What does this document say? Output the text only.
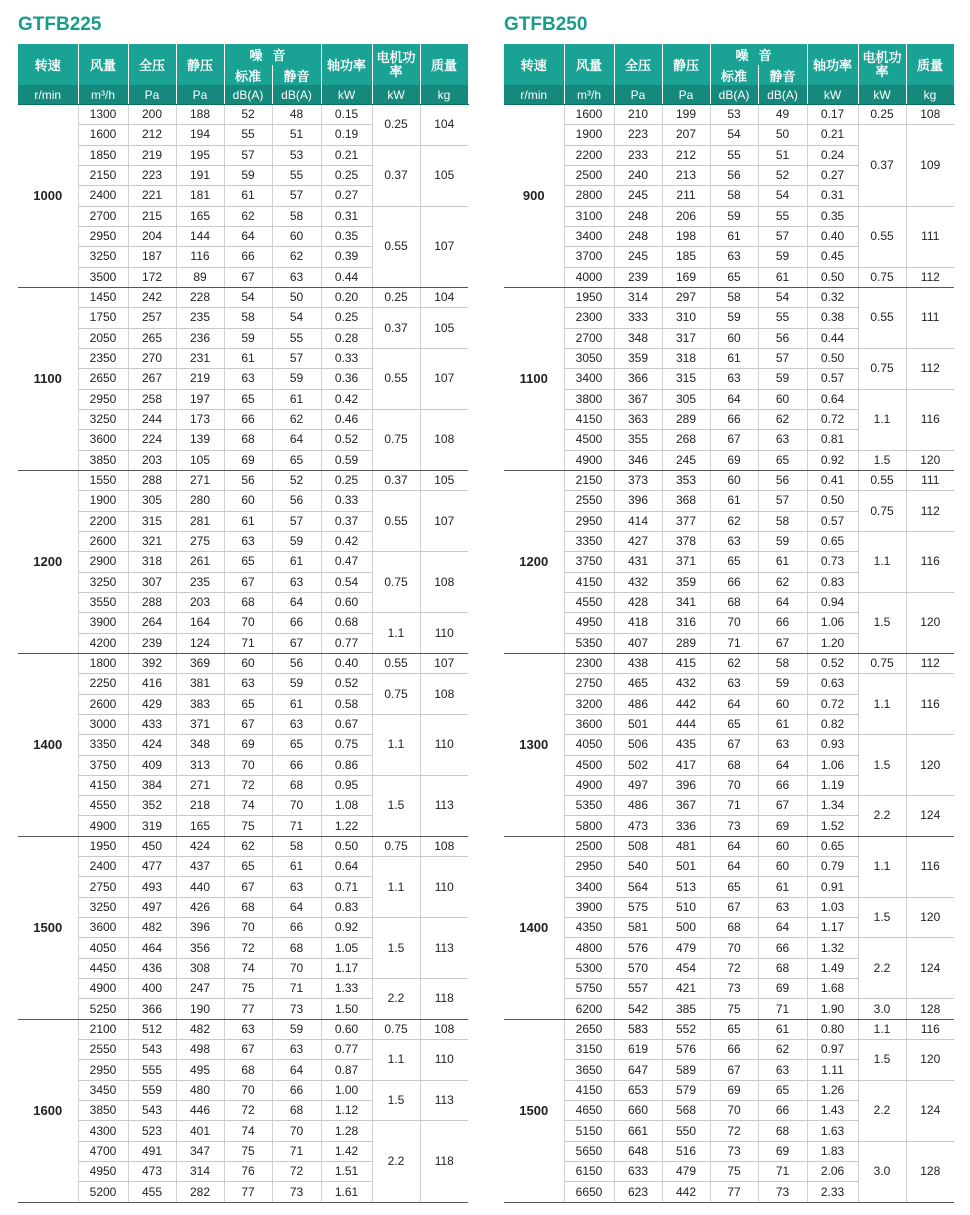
GTFB225
转速	风量	全压	静压	噪音		轴功率	电机功率	质量
				标准	静音			
r/min	m³/h	Pa	Pa	dB(A)	dB(A)	kW	kW	kg
1000	1300	200	188	52	48	0.15	0.25	104
	1600	212	194	55	51	0.19		
	1850	219	195	57	53	0.21	0.37	105
	2150	223	191	59	55	0.25		
	2400	221	181	61	57	0.27		
	2700	215	165	62	58	0.31	0.55	107
	2950	204	144	64	60	0.35		
	3250	187	116	66	62	0.39		
	3500	172	89	67	63	0.44		
1100	1450	242	228	54	50	0.20	0.25	104
	1750	257	235	58	54	0.25	0.37	105
	2050	265	236	59	55	0.28		
	2350	270	231	61	57	0.33	0.55	107
	2650	267	219	63	59	0.36		
	2950	258	197	65	61	0.42		
	3250	244	173	66	62	0.46	0.75	108
	3600	224	139	68	64	0.52		
	3850	203	105	69	65	0.59		
1200	1550	288	271	56	52	0.25	0.37	105
	1900	305	280	60	56	0.33	0.55	107
	2200	315	281	61	57	0.37		
	2600	321	275	63	59	0.42		
	2900	318	261	65	61	0.47	0.75	108
	3250	307	235	67	63	0.54		
	3550	288	203	68	64	0.60		
	3900	264	164	70	66	0.68	1.1	110
	4200	239	124	71	67	0.77		
1400	1800	392	369	60	56	0.40	0.55	107
	2250	416	381	63	59	0.52	0.75	108
	2600	429	383	65	61	0.58		
	3000	433	371	67	63	0.67	1.1	110
	3350	424	348	69	65	0.75		
	3750	409	313	70	66	0.86		
	4150	384	271	72	68	0.95	1.5	113
	4550	352	218	74	70	1.08		
	4900	319	165	75	71	1.22		
1500	1950	450	424	62	58	0.50	0.75	108
	2400	477	437	65	61	0.64	1.1	110
	2750	493	440	67	63	0.71		
	3250	497	426	68	64	0.83		
	3600	482	396	70	66	0.92	1.5	113
	4050	464	356	72	68	1.05		
	4450	436	308	74	70	1.17		
	4900	400	247	75	71	1.33	2.2	118
	5250	366	190	77	73	1.50		
1600	2100	512	482	63	59	0.60	0.75	108
	2550	543	498	67	63	0.77	1.1	110
	2950	555	495	68	64	0.87		
	3450	559	480	70	66	1.00	1.5	113
	3850	543	446	72	68	1.12		
	4300	523	401	74	70	1.28	2.2	118
	4700	491	347	75	71	1.42		
	4950	473	314	76	72	1.51		
	5200	455	282	77	73	1.61		
GTFB250
转速	风量	全压	静压	噪音		轴功率	电机功率	质量
				标准	静音			
r/min	m³/h	Pa	Pa	dB(A)	dB(A)	kW	kW	kg
900	1600	210	199	53	49	0.17	0.25	108
	1900	223	207	54	50	0.21	0.37	109
	2200	233	212	55	51	0.24		
	2500	240	213	56	52	0.27		
	2800	245	211	58	54	0.31		
	3100	248	206	59	55	0.35	0.55	111
	3400	248	198	61	57	0.40		
	3700	245	185	63	59	0.45		
	4000	239	169	65	61	0.50	0.75	112
1100	1950	314	297	58	54	0.32	0.55	111
	2300	333	310	59	55	0.38		
	2700	348	317	60	56	0.44		
	3050	359	318	61	57	0.50	0.75	112
	3400	366	315	63	59	0.57		
	3800	367	305	64	60	0.64	1.1	116
	4150	363	289	66	62	0.72		
	4500	355	268	67	63	0.81		
	4900	346	245	69	65	0.92	1.5	120
1200	2150	373	353	60	56	0.41	0.55	111
	2550	396	368	61	57	0.50	0.75	112
	2950	414	377	62	58	0.57		
	3350	427	378	63	59	0.65	1.1	116
	3750	431	371	65	61	0.73		
	4150	432	359	66	62	0.83		
	4550	428	341	68	64	0.94	1.5	120
	4950	418	316	70	66	1.06		
	5350	407	289	71	67	1.20		
1300	2300	438	415	62	58	0.52	0.75	112
	2750	465	432	63	59	0.63	1.1	116
	3200	486	442	64	60	0.72		
	3600	501	444	65	61	0.82		
	4050	506	435	67	63	0.93	1.5	120
	4500	502	417	68	64	1.06		
	4900	497	396	70	66	1.19		
	5350	486	367	71	67	1.34	2.2	124
	5800	473	336	73	69	1.52		
1400	2500	508	481	64	60	0.65	1.1	116
	2950	540	501	64	60	0.79		
	3400	564	513	65	61	0.91		
	3900	575	510	67	63	1.03	1.5	120
	4350	581	500	68	64	1.17		
	4800	576	479	70	66	1.32	2.2	124
	5300	570	454	72	68	1.49		
	5750	557	421	73	69	1.68		
	6200	542	385	75	71	1.90	3.0	128
1500	2650	583	552	65	61	0.80	1.1	116
	3150	619	576	66	62	0.97	1.5	120
	3650	647	589	67	63	1.11		
	4150	653	579	69	65	1.26	2.2	124
	4650	660	568	70	66	1.43		
	5150	661	550	72	68	1.63		
	5650	648	516	73	69	1.83	3.0	128
	6150	633	479	75	71	2.06		
	6650	623	442	77	73	2.33		
